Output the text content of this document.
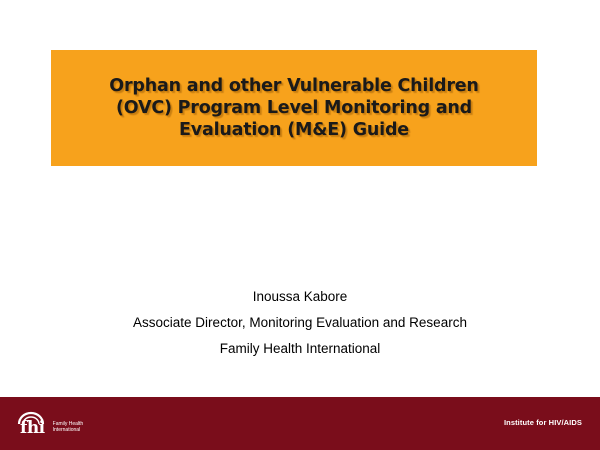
Orphan and other Vulnerable Children
(OVC) Program Level Monitoring and
Evaluation (M&E) Guide
Inoussa Kabore
Associate Director, Monitoring Evaluation and Research
Family Health International
fhi Family Health International
Institute for HIV/AIDS
